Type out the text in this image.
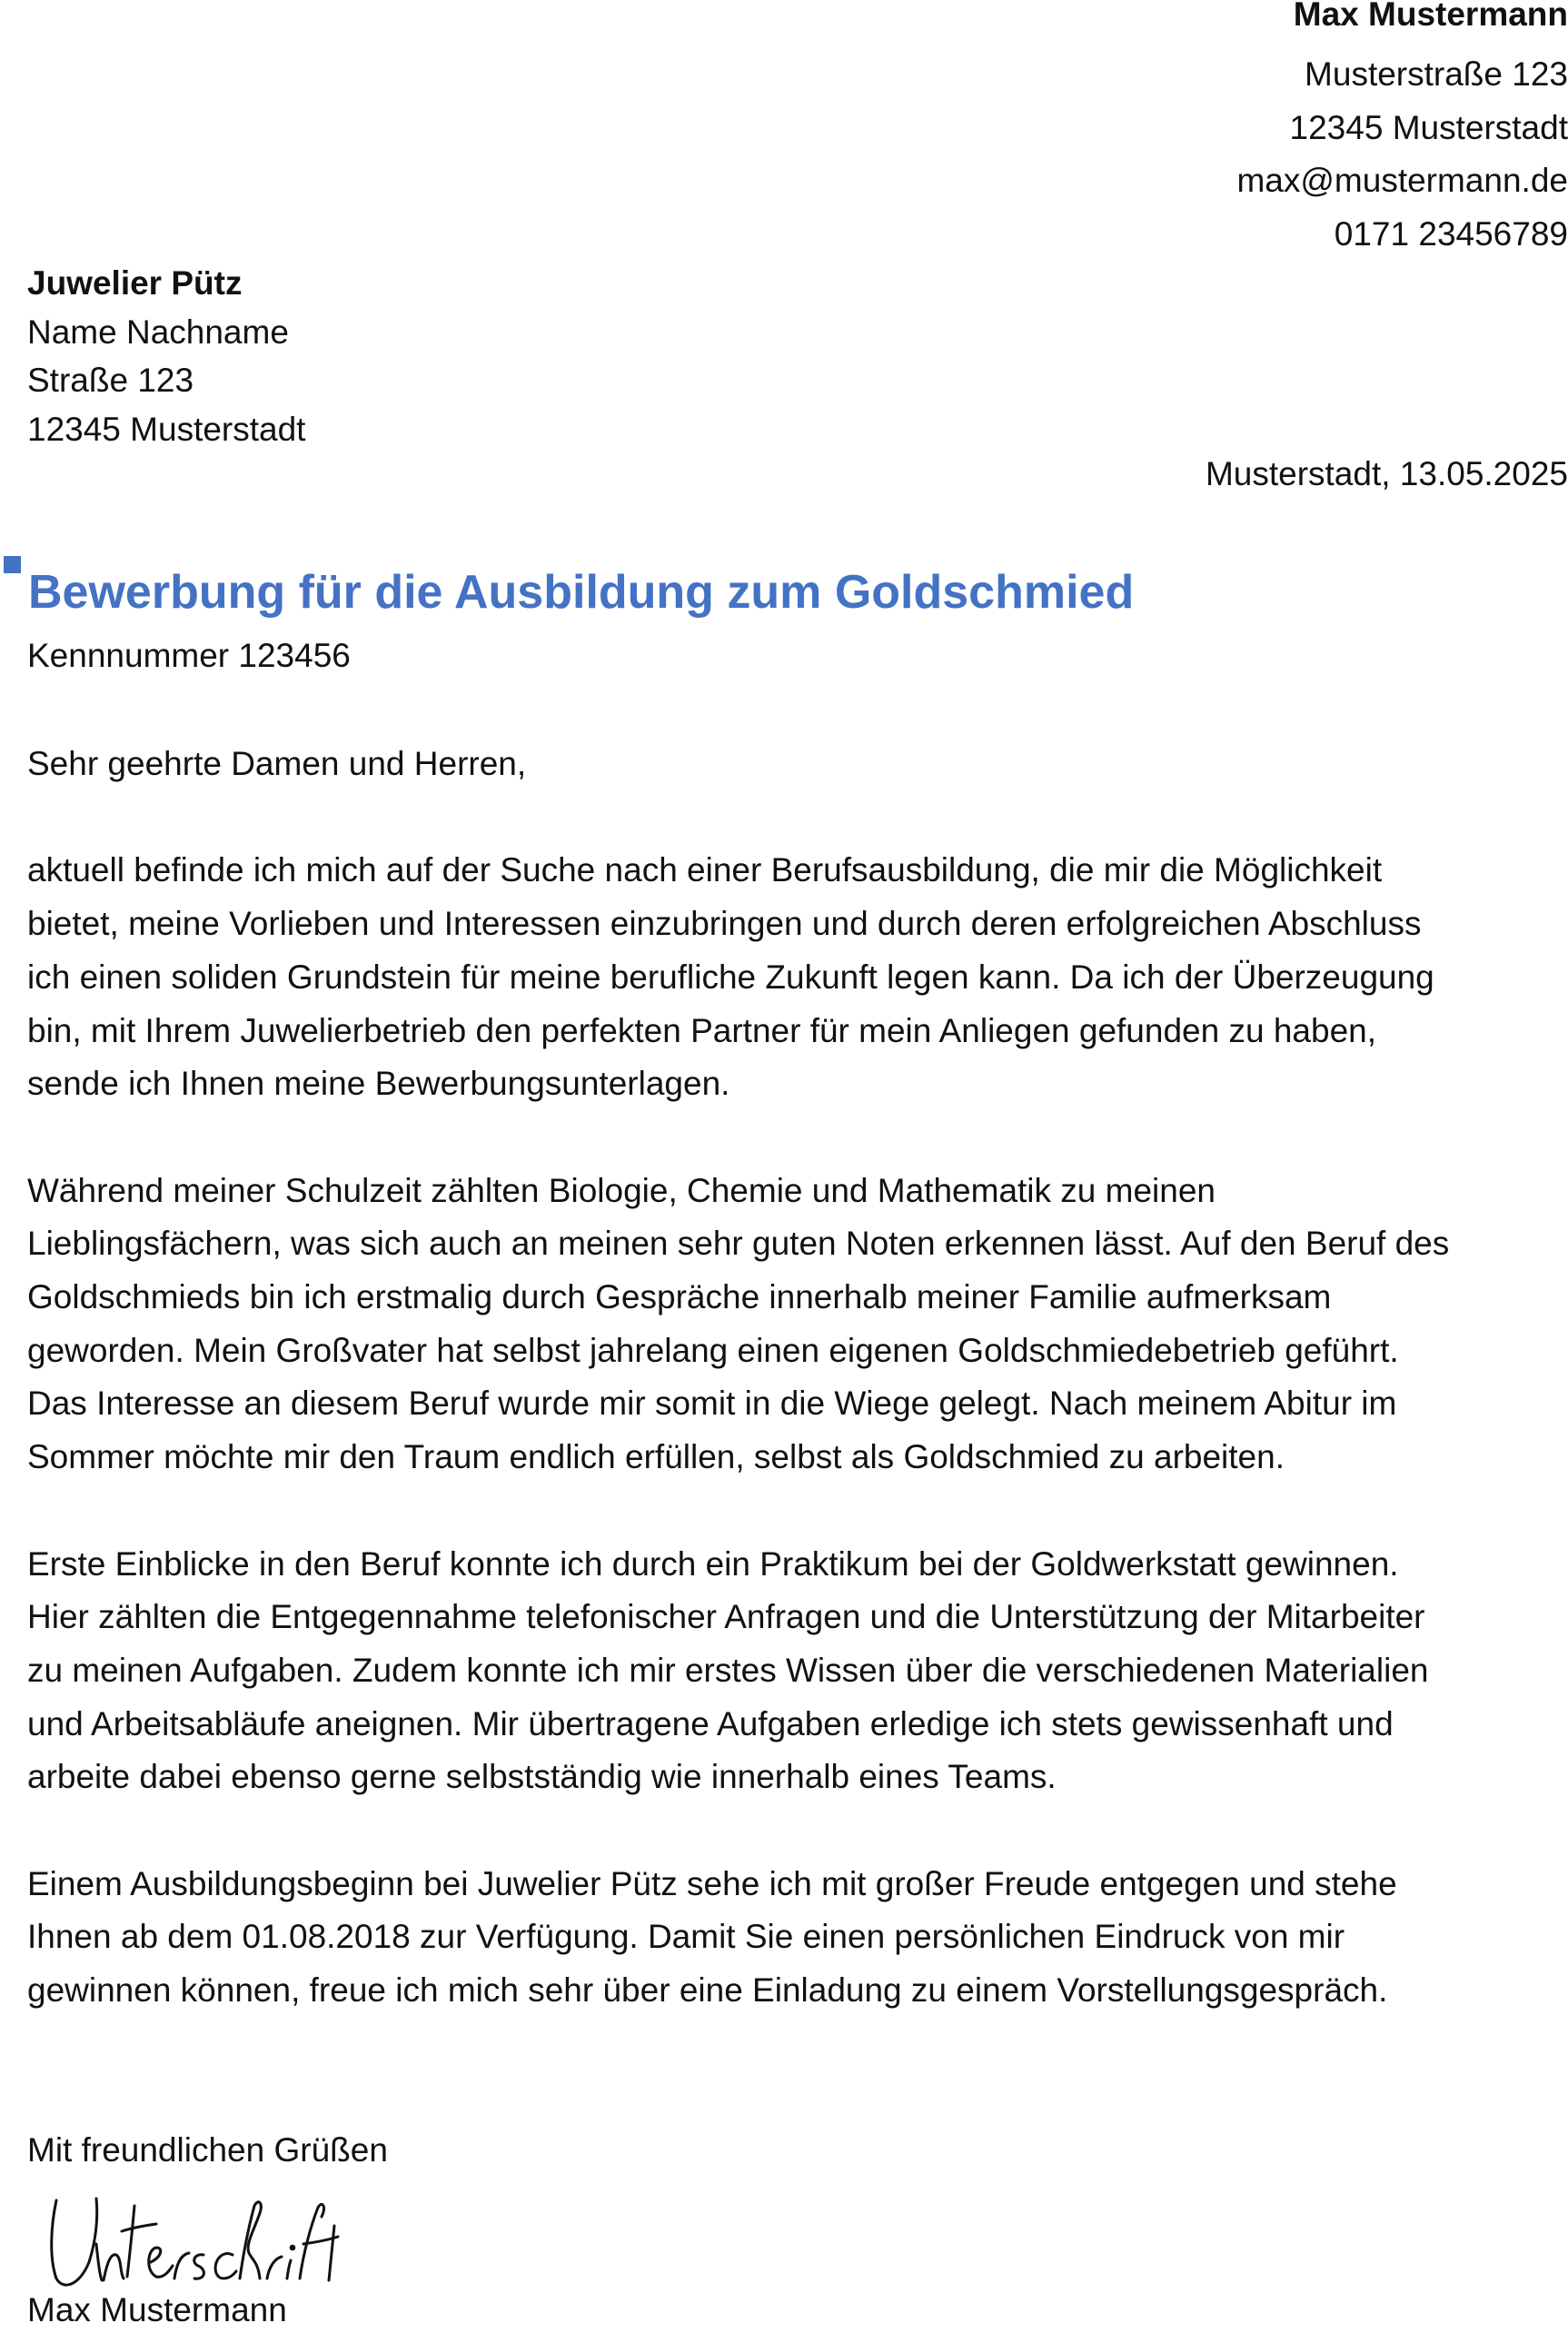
Max Mustermann
Musterstraße 123
12345 Musterstadt
max@mustermann.de
0171 23456789
Juwelier Pütz
Name Nachname
Straße 123
12345 Musterstadt
Musterstadt, 13.05.2025
Bewerbung für die Ausbildung zum Goldschmied
Kennnummer 123456

Sehr geehrte Damen und Herren,

aktuell befinde ich mich auf der Suche nach einer Berufsausbildung, die mir die Möglichkeit
bietet, meine Vorlieben und Interessen einzubringen und durch deren erfolgreichen Abschluss
ich einen soliden Grundstein für meine berufliche Zukunft legen kann. Da ich der Überzeugung
bin, mit Ihrem Juwelierbetrieb den perfekten Partner für mein Anliegen gefunden zu haben,
sende ich Ihnen meine Bewerbungsunterlagen.

Während meiner Schulzeit zählten Biologie, Chemie und Mathematik zu meinen
Lieblingsfächern, was sich auch an meinen sehr guten Noten erkennen lässt. Auf den Beruf des
Goldschmieds bin ich erstmalig durch Gespräche innerhalb meiner Familie aufmerksam
geworden. Mein Großvater hat selbst jahrelang einen eigenen Goldschmiedebetrieb geführt.
Das Interesse an diesem Beruf wurde mir somit in die Wiege gelegt. Nach meinem Abitur im
Sommer möchte mir den Traum endlich erfüllen, selbst als Goldschmied zu arbeiten.

Erste Einblicke in den Beruf konnte ich durch ein Praktikum bei der Goldwerkstatt gewinnen.
Hier zählten die Entgegennahme telefonischer Anfragen und die Unterstützung der Mitarbeiter
zu meinen Aufgaben. Zudem konnte ich mir erstes Wissen über die verschiedenen Materialien
und Arbeitsabläufe aneignen. Mir übertragene Aufgaben erledige ich stets gewissenhaft und
arbeite dabei ebenso gerne selbstständig wie innerhalb eines Teams.

Einem Ausbildungsbeginn bei Juwelier Pütz sehe ich mit großer Freude entgegen und stehe
Ihnen ab dem 01.08.2018 zur Verfügung. Damit Sie einen persönlichen Eindruck von mir
gewinnen können, freue ich mich sehr über eine Einladung zu einem Vorstellungsgespräch.

Mit freundlichen Grüßen
Max Mustermann
